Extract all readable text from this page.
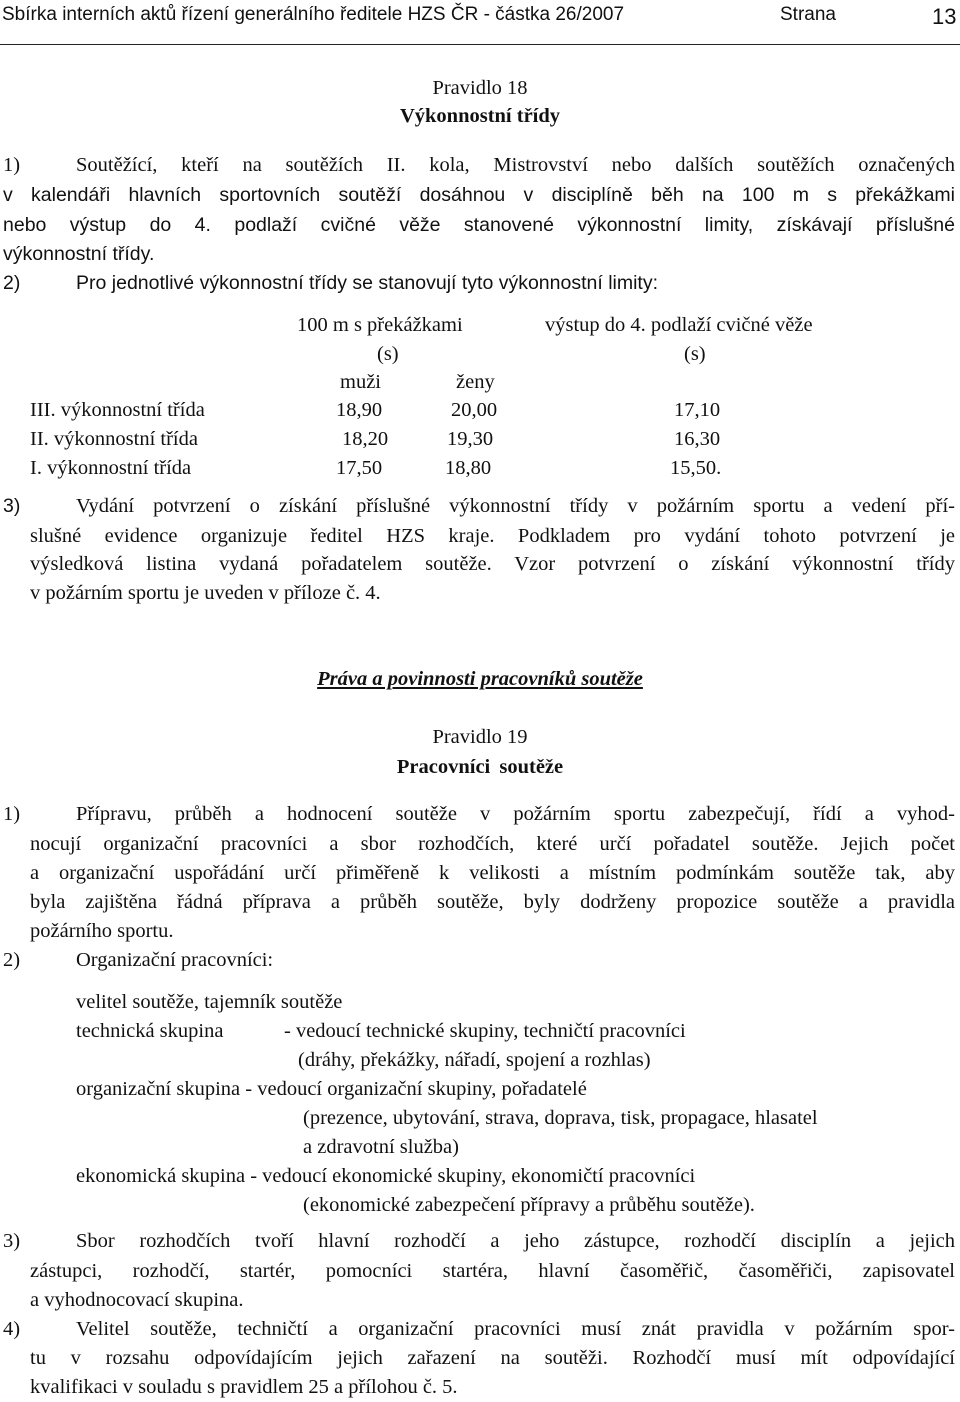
Sbírka interních aktů řízení generálního ředitele HZS ČR - částka 26/2007	Strana	13
Pravidlo 18
Výkonnostní třídy
1)	Soutěžící, kteří na soutěžích II. kola, Mistrovství nebo dalších soutěžích označených
v kalendáři hlavních sportovních soutěží dosáhnou v disciplíně běh na 100 m s překážkami
nebo výstup do 4. podlaží cvičné věže stanovené výkonnostní limity, získávají příslušné
výkonnostní třídy.
2)	Pro jednotlivé výkonnostní třídy se stanovují tyto výkonnostní limity:
100 m s překážkami	výstup do 4. podlaží cvičné věže
(s)	(s)
muži	ženy
III. výkonnostní třída	18,90	20,00	17,10
II. výkonnostní třída	18,20	19,30	16,30
I. výkonnostní třída	17,50	18,80	15,50.
3)	Vydání potvrzení o získání příslušné výkonnostní třídy v požárním sportu a vedení pří-
slušné evidence organizuje ředitel HZS kraje. Podkladem pro vydání tohoto potvrzení je
výsledková listina vydaná pořadatelem soutěže. Vzor potvrzení o získání výkonnostní třídy
v požárním sportu je uveden v příloze č. 4.
Práva a povinnosti pracovníků soutěže
Pravidlo 19
Pracovníci soutěže
1)	Přípravu, průběh a hodnocení soutěže v požárním sportu zabezpečují, řídí a vyhod-
nocují organizační pracovníci a sbor rozhodčích, které určí pořadatel soutěže. Jejich počet
a organizační uspořádání určí přiměřeně k velikosti a místním podmínkám soutěže tak, aby
byla zajištěna řádná příprava a průběh soutěže, byly dodrženy propozice soutěže a pravidla
požárního sportu.
2)	Organizační pracovníci:
velitel soutěže, tajemník soutěže
technická skupina	- vedoucí technické skupiny, techničtí pracovníci
(dráhy, překážky, nářadí, spojení a rozhlas)
organizační skupina - vedoucí organizační skupiny, pořadatelé
(prezence, ubytování, strava, doprava, tisk, propagace, hlasatel
a zdravotní služba)
ekonomická skupina - vedoucí ekonomické skupiny, ekonomičtí pracovníci
(ekonomické zabezpečení přípravy a průběhu soutěže).
3)	Sbor rozhodčích tvoří hlavní rozhodčí a jeho zástupce, rozhodčí disciplín a jejich
zástupci, rozhodčí, startér, pomocníci startéra, hlavní časoměřič, časoměřiči, zapisovatel
a vyhodnocovací skupina.
4)	Velitel soutěže, techničtí a organizační pracovníci musí znát pravidla v požárním spor-
tu v rozsahu odpovídajícím jejich zařazení na soutěži. Rozhodčí musí mít odpovídající
kvalifikaci v souladu s pravidlem 25 a přílohou č. 5.
